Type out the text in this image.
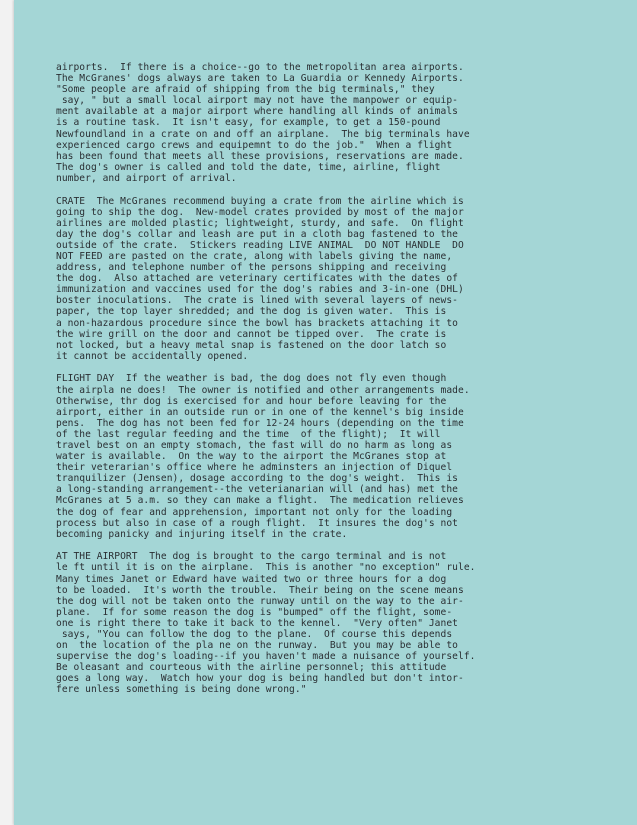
airports.  If there is a choice--go to the metropolitan area airports.
The McGranes' dogs always are taken to La Guardia or Kennedy Airports.
"Some people are afraid of shipping from the big terminals," they
say, " but a small local airport may not have the manpower or equip-
ment available at a major airport where handling all kinds of animals
is a routine task.  It isn't easy, for example, to get a 150-pound
Newfoundland in a crate on and off an airplane.  The big terminals have
experienced cargo crews and equipemnt to do the job."  When a flight
has been found that meets all these provisions, reservations are made.
The dog's owner is called and told the date, time, airline, flight
number, and airport of arrival.
CRATE  The McGranes recommend buying a crate from the airline which is
going to ship the dog.  New-model crates provided by most of the major
airlines are molded plastic; lightweight, sturdy, and safe.  On flight
day the dog's collar and leash are put in a cloth bag fastened to the
outside of the crate.  Stickers reading LIVE ANIMAL  DO NOT HANDLE  DO
NOT FEED are pasted on the crate, along with labels giving the name,
address, and telephone number of the persons shipping and receiving
the dog.  Also attached are veterinary certificates with the dates of
immunization and vaccines used for the dog's rabies and 3-in-one (DHL)
boster inoculations.  The crate is lined with several layers of news-
paper, the top layer shredded; and the dog is given water.  This is
a non-hazardous procedure since the bowl has brackets attaching it to
the wire grill on the door and cannot be tipped over.  The crate is
not locked, but a heavy metal snap is fastened on the door latch so
it cannot be accidentally opened.
FLIGHT DAY  If the weather is bad, the dog does not fly even though
the airpla ne does!  The owner is notified and other arrangements made.
Otherwise, thr dog is exercised for and hour before leaving for the
airport, either in an outside run or in one of the kennel's big inside
pens.  The dog has not been fed for 12-24 hours (depending on the time
of the last regular feeding and the time  of the flight);  It will
travel best on an empty stomach, the fast will do no harm as long as
water is available.  On the way to the airport the McGranes stop at
their veterarian's office where he adminsters an injection of Diquel
tranquilizer (Jensen), dosage according to the dog's weight.  This is
a long-standing arrangement--the veterianarian will (and has) met the
McGranes at 5 a.m. so they can make a flight.  The medication relieves
the dog of fear and apprehension, important not only for the loading
process but also in case of a rough flight.  It insures the dog's not
becoming panicky and injuring itself in the crate.
AT THE AIRPORT  The dog is brought to the cargo terminal and is not
le ft until it is on the airplane.  This is another "no exception" rule.
Many times Janet or Edward have waited two or three hours for a dog
to be loaded.  It's worth the trouble.  Their being on the scene means
the dog will not be taken onto the runway until on the way to the air-
plane.  If for some reason the dog is "bumped" off the flight, some-
one is right there to take it back to the kennel.  "Very often" Janet
says, "You can follow the dog to the plane.  Of course this depends
on  the location of the pla ne on the runway.  But you may be able to
supervise the dog's loading--if you haven't made a nuisance of yourself.
Be oleasant and courteous with the airline personnel; this attitude
goes a long way.  Watch how your dog is being handled but don't intor-
fere unless something is being done wrong."
